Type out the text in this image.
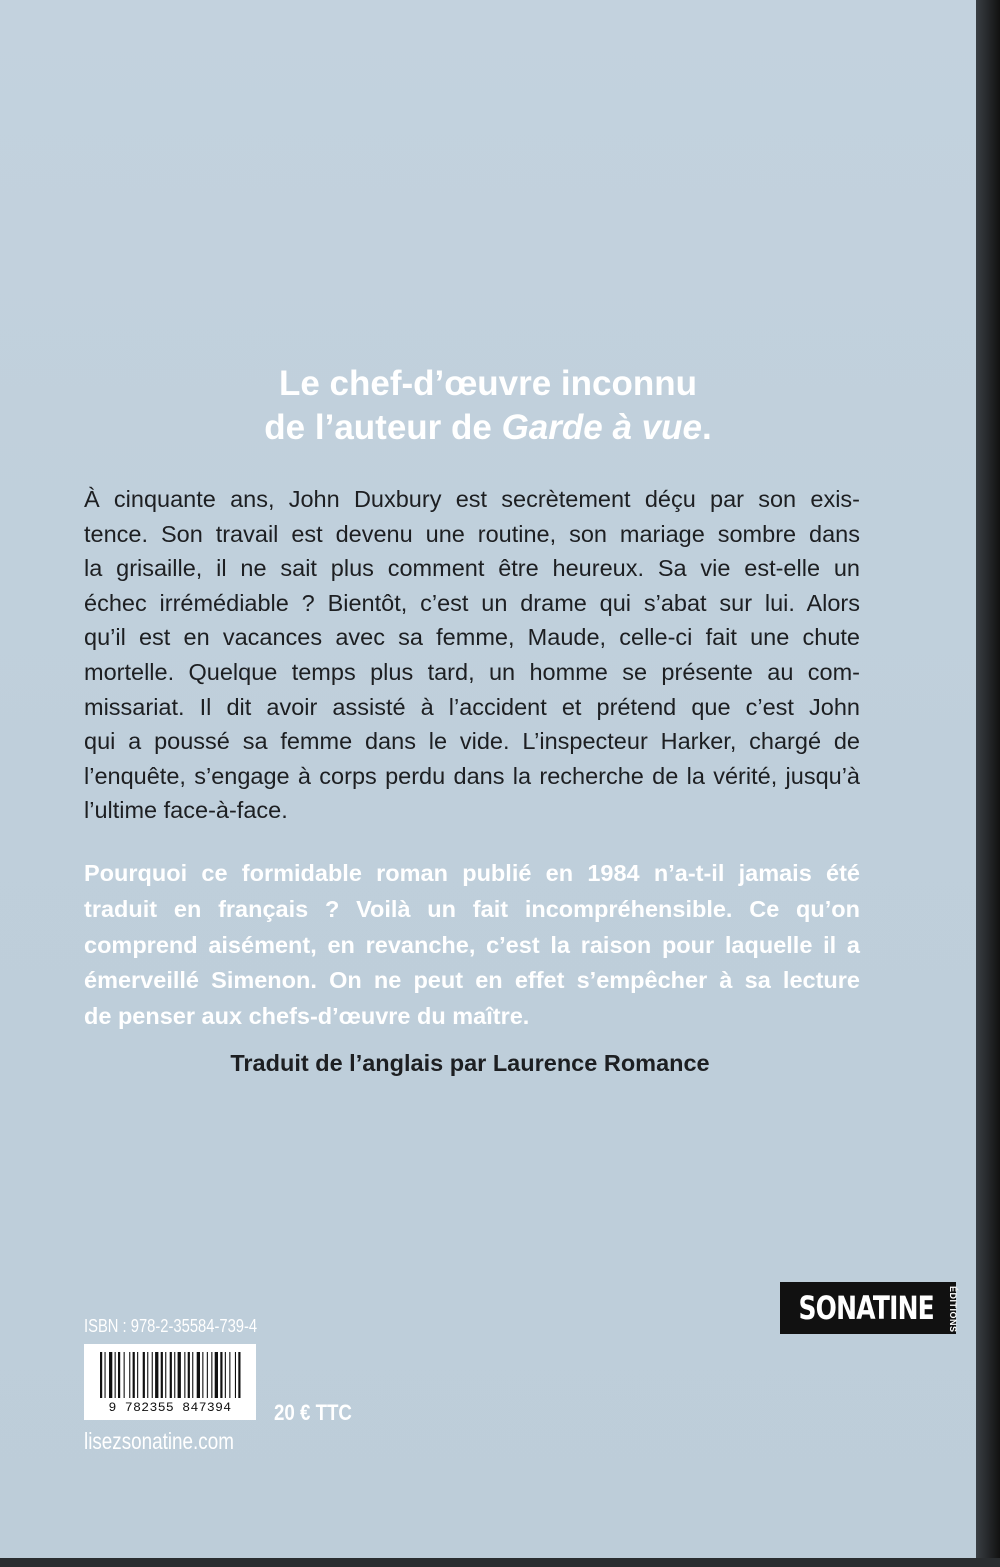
Le chef-d’œuvre inconnu
de l’auteur de Garde à vue.
À cinquante ans, John Duxbury est secrètement déçu par son exis-
tence. Son travail est devenu une routine, son mariage sombre dans
la grisaille, il ne sait plus comment être heureux. Sa vie est-elle un
échec irrémédiable ? Bientôt, c’est un drame qui s’abat sur lui. Alors
qu’il est en vacances avec sa femme, Maude, celle-ci fait une chute
mortelle. Quelque temps plus tard, un homme se présente au com-
missariat. Il dit avoir assisté à l’accident et prétend que c’est John
qui a poussé sa femme dans le vide. L’inspecteur Harker, chargé de
l’enquête, s’engage à corps perdu dans la recherche de la vérité, jusqu’à
l’ultime face-à-face.
Pourquoi ce formidable roman publié en 1984 n’a-t-il jamais été
traduit en français ? Voilà un fait incompréhensible. Ce qu’on
comprend aisément, en revanche, c’est la raison pour laquelle il a
émerveillé Simenon. On ne peut en effet s’empêcher à sa lecture
de penser aux chefs-d’œuvre du maître.
Traduit de l’anglais par Laurence Romance
SONATINE	ÉDITIONS
ISBN : 978-2-35584-739-4
9 782355 847394	20 € TTC
lisezsonatine.com
